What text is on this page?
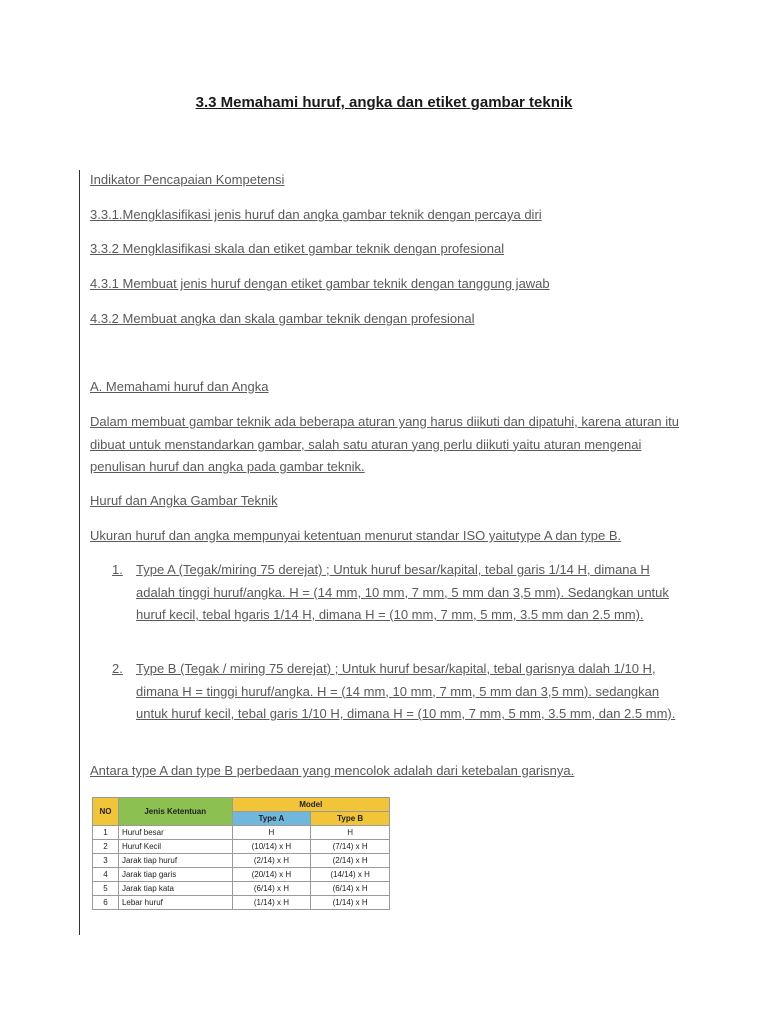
3.3 Memahami huruf, angka dan etiket gambar teknik
Indikator Pencapaian Kompetensi
3.3.1.Mengklasifikasi jenis huruf dan angka gambar teknik dengan percaya diri
3.3.2 Mengklasifikasi skala dan etiket gambar teknik dengan profesional
4.3.1 Membuat jenis huruf dengan etiket gambar teknik dengan tanggung jawab
4.3.2 Membuat angka dan skala gambar teknik dengan profesional
A. Memahami huruf dan Angka
Dalam membuat gambar teknik ada beberapa aturan yang harus diikuti dan dipatuhi, karena aturan itu dibuat untuk menstandarkan gambar, salah satu aturan yang perlu diikuti yaitu aturan mengenai penulisan huruf dan angka pada gambar teknik.
Huruf dan Angka Gambar Teknik
Ukuran huruf dan angka mempunyai ketentuan menurut standar ISO yaitutype A dan type B.
1. Type A (Tegak/miring 75 derejat) ; Untuk huruf besar/kapital, tebal garis 1/14 H, dimana H adalah tinggi huruf/angka. H = (14 mm, 10 mm, 7 mm, 5 mm dan 3,5 mm). Sedangkan untuk huruf kecil, tebal hgaris 1/14 H, dimana H = (10 mm, 7 mm, 5 mm, 3.5 mm dan 2.5 mm).
2. Type B (Tegak / miring 75 derejat) ; Untuk huruf besar/kapital, tebal garisnya dalah 1/10 H, dimana H = tinggi huruf/angka. H = (14 mm, 10 mm, 7 mm, 5 mm dan 3,5 mm). sedangkan untuk huruf kecil, tebal garis 1/10 H, dimana H = (10 mm, 7 mm, 5 mm, 3.5 mm, dan 2.5 mm).
Antara type A dan type B perbedaan yang mencolok adalah dari ketebalan garisnya.
NO	Jenis Ketentuan	Model	
		Type A	Type B
1	Huruf besar	H	H
2	Huruf Kecil	(10/14) x H	(7/14) x H
3	Jarak tiap huruf	(2/14) x H	(2/14) x H
4	Jarak tiap garis	(20/14) x H	(14/14) x H
5	Jarak tiap kata	(6/14) x H	(6/14) x H
6	Lebar huruf	(1/14) x H	(1/14) x H
